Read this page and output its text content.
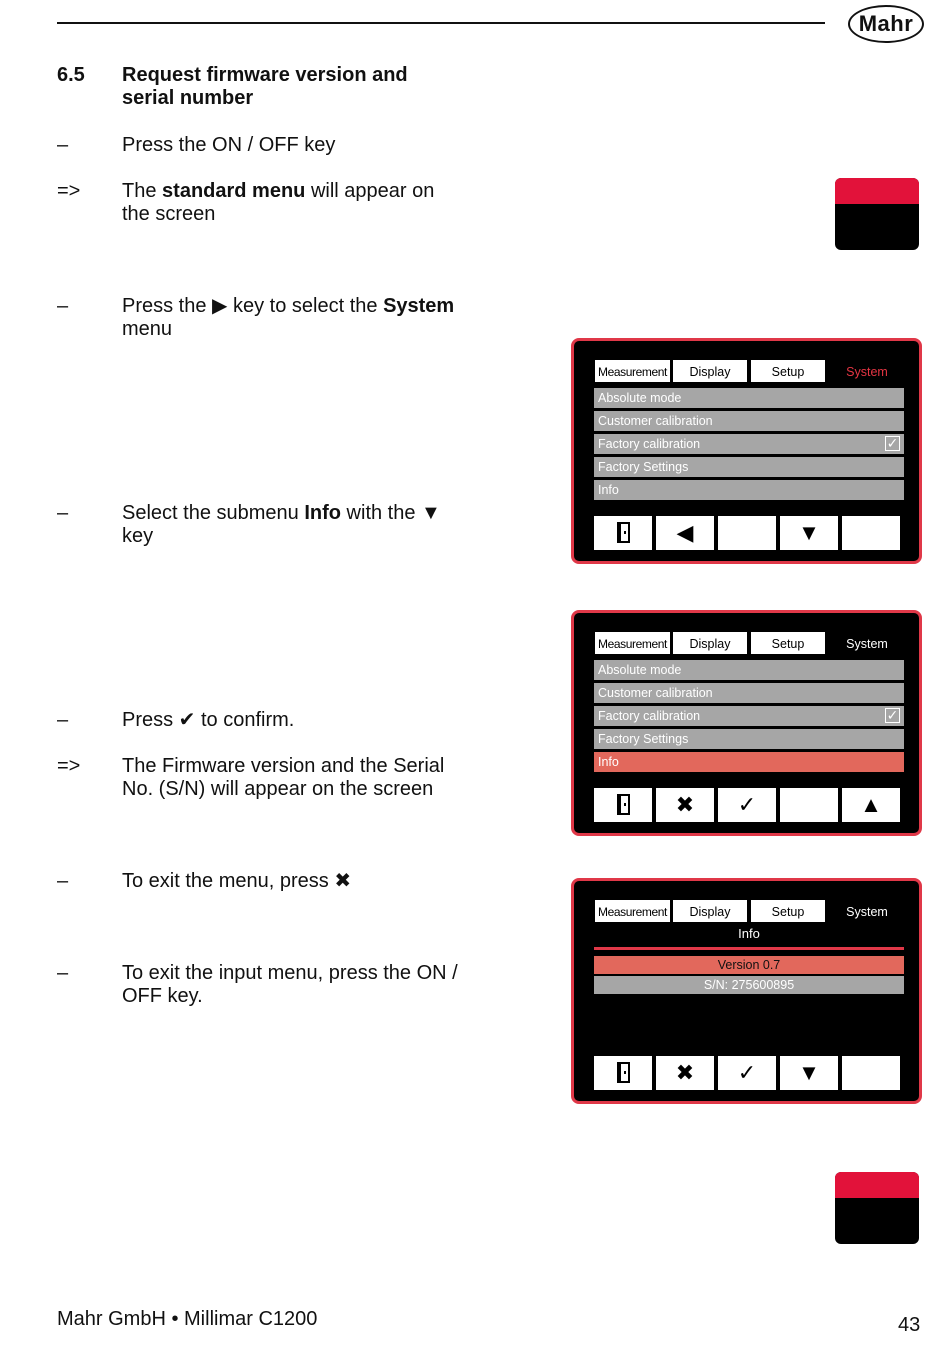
Mahr
6.5 Request firmware version and serial number
–	Press the ON / OFF key
=> The standard menu will appear on the screen
–	Press the ▶ key to select the System menu
–	Select the submenu Info with the ▼ key
–	Press ✔ to confirm.
=> The Firmware version and the Serial No. (S/N) will appear on the screen
–	To exit the menu, press ✖
–	To exit the input menu, press the ON / OFF key.
Measurement	Display	Setup	System
Absolute mode
Customer calibration
Factory calibration	✓
Factory Settings
Info
◀	▼
Measurement	Display	Setup	System
Absolute mode
Customer calibration
Factory calibration	✓
Factory Settings
Info
✖	✓	▲
Measurement	Display	Setup	System
Info
Version 0.7
S/N: 275600895
✖	✓	▼
Mahr GmbH • Millimar C1200	43
